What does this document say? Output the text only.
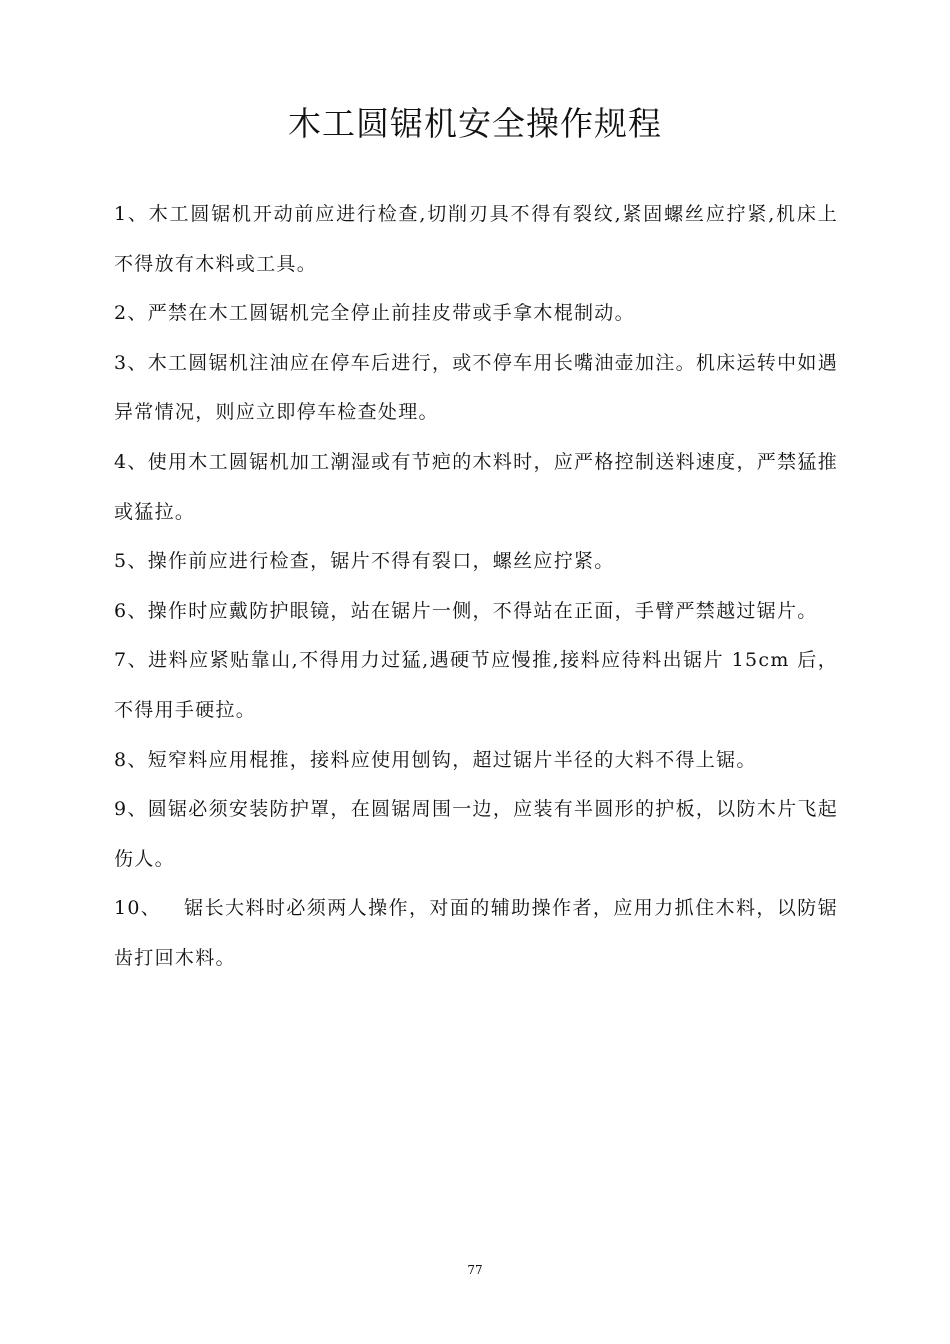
木工圆锯机安全操作规程

1、木工圆锯机开动前应进行检查,切削刃具不得有裂纹,紧固螺丝应拧紧,机床上不得放有木料或工具。

2、严禁在木工圆锯机完全停止前挂皮带或手拿木棍制动。

3、木工圆锯机注油应在停车后进行，或不停车用长嘴油壶加注。机床运转中如遇异常情况，则应立即停车检查处理。

4、使用木工圆锯机加工潮湿或有节疤的木料时，应严格控制送料速度，严禁猛推或猛拉。

5、操作前应进行检查，锯片不得有裂口，螺丝应拧紧。

6、操作时应戴防护眼镜，站在锯片一侧，不得站在正面，手臂严禁越过锯片。

7、进料应紧贴靠山,不得用力过猛,遇硬节应慢推,接料应待料出锯片 15cm 后，不得用手硬拉。

8、短窄料应用棍推，接料应使用刨钩，超过锯片半径的大料不得上锯。

9、圆锯必须安装防护罩，在圆锯周围一边，应装有半圆形的护板，以防木片飞起伤人。

10、 锯长大料时必须两人操作，对面的辅助操作者，应用力抓住木料，以防锯齿打回木料。

77
